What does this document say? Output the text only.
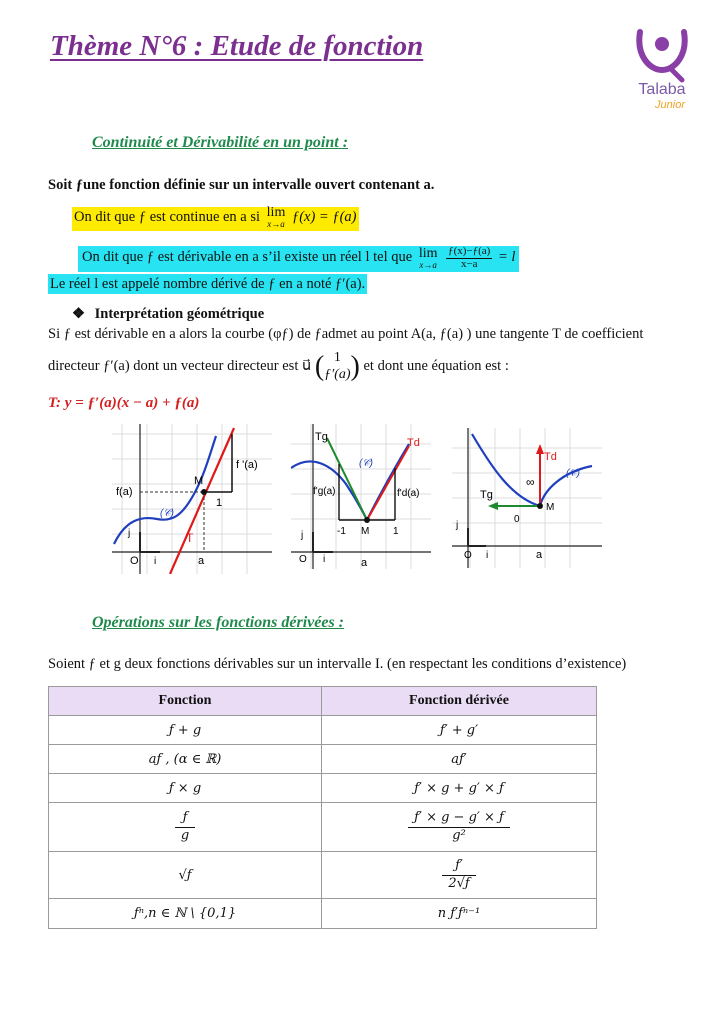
Thème N°6 : Etude de fonction
Talaba
Junior
Continuité et Dérivabilité en un point :
Soit ƒune fonction définie sur un intervalle ouvert contenant a.
On dit que ƒ est continue en a si lim
x→a ƒ(x) = ƒ(a)
On dit que ƒ est dérivable en a s’il existe un réel l tel que lim
x→a
$\frac{ƒ(x)-ƒ(a)}{x-a} = l$
Le réel l est appelé nombre dérivé de ƒ en a noté ƒ′(a).
❖ Interprétation géométrique
Si ƒ est dérivable en a alors la courbe (φƒ) de ƒadmet au point A(a, ƒ(a) ) une tangente T de coefficient
directeur ƒ′(a) dont un vecteur directeur est u⃗ ( 1
ƒ′(a) ) et dont une équation est :
T: y = ƒ′(a)(x − a) + ƒ(a)
f '(a)
f(a)
M
1
(𝒞)
T
j
O i	a
Tg	Td
(𝒞)
f'g(a)	f'd(a)
-1 M 1
j
O i	a
Td
(𝒞)
∞
Tg
0
M
j
O i	a
Opérations sur les fonctions dérivées :
Soient ƒ et g deux fonctions dérivables sur un intervalle I. (en respectant les conditions d’existence)
Fonction	Fonction dérivée
ƒ + g	ƒ′ + g′
aƒ , (α ∈ ℝ)	aƒ′
ƒ × g	ƒ′ × g + g′ × ƒ

$\frac{ƒ}{g}$	$\frac{ƒ' \times g - g' \times ƒ}{\text{g²}}$

√ƒ	$\frac{ƒ'}{2√ƒ}$

ƒⁿ,n ∈ ℕ \ {0,1}	n ƒ′ƒⁿ⁻¹
